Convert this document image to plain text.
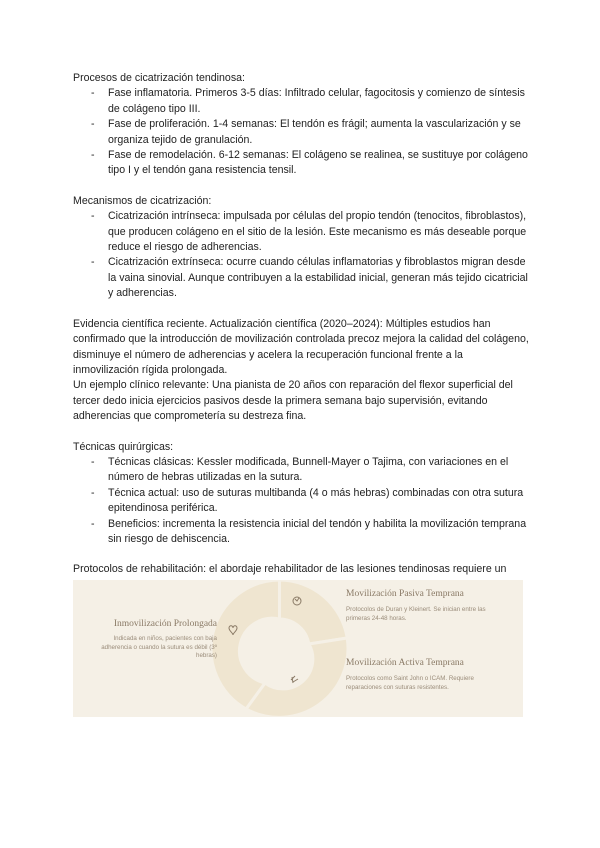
Procesos de cicatrización tendinosa:

- Fase inflamatoria. Primeros 3-5 días: Infiltrado celular, fagocitosis y comienzo de síntesis de colágeno tipo III.
- Fase de proliferación. 1-4 semanas: El tendón es frágil; aumenta la vascularización y se organiza tejido de granulación.
- Fase de remodelación. 6-12 semanas: El colágeno se realinea, se sustituye por colágeno tipo I y el tendón gana resistencia tensil.

Mecanismos de cicatrización:

- Cicatrización intrínseca: impulsada por células del propio tendón (tenocitos, fibroblastos), que producen colágeno en el sitio de la lesión. Este mecanismo es más deseable porque reduce el riesgo de adherencias.
- Cicatrización extrínseca: ocurre cuando células inflamatorias y fibroblastos migran desde la vaina sinovial. Aunque contribuyen a la estabilidad inicial, generan más tejido cicatricial y adherencias.

Evidencia científica reciente. Actualización científica (2020–2024): Múltiples estudios han confirmado que la introducción de movilización controlada precoz mejora la calidad del colágeno, disminuye el número de adherencias y acelera la recuperación funcional frente a la inmovilización rígida prolongada.

Un ejemplo clínico relevante: Una pianista de 20 años con reparación del flexor superficial del tercer dedo inicia ejercicios pasivos desde la primera semana bajo supervisión, evitando adherencias que comprometería su destreza fina.

Técnicas quirúrgicas:

- Técnicas clásicas: Kessler modificada, Bunnell-Mayer o Tajima, con variaciones en el número de hebras utilizadas en la sutura.
- Técnica actual: uso de suturas multibanda (4 o más hebras) combinadas con otra sutura epitendinosa periférica.
- Beneficios: incrementa la resistencia inicial del tendón y habilita la movilización temprana sin riesgo de dehiscencia.

Protocolos de rehabilitación: el abordaje rehabilitador de las lesiones tendinosas requiere un

Inmovilización Prolongada
Indicada en niños, pacientes con baja adherencia o cuando la sutura es débil (3º hebras)
Movilización Pasiva Temprana
Protocolos de Duran y Kleinert. Se inician entre las primeras 24-48 horas.
Movilización Activa Temprana
Protocolos como Saint John o ICAM. Requiere reparaciones con suturas resistentes.
